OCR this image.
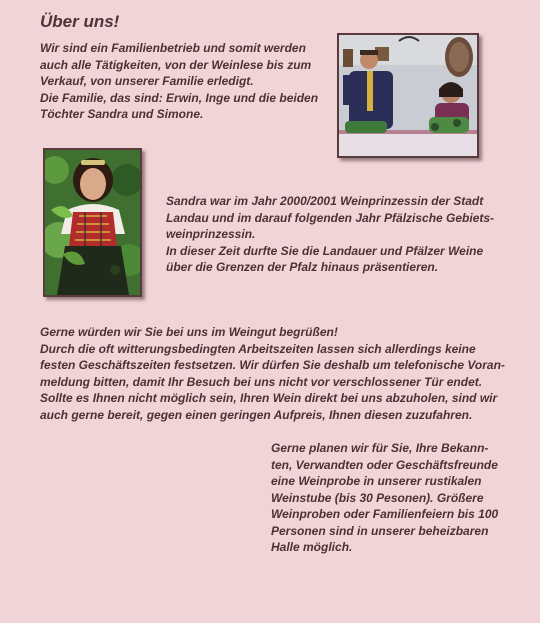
Über uns!

Wir sind ein Familienbetrieb und somit werden
auch alle Tätigkeiten, von der Weinlese bis zum
Verkauf, von unserer Familie erledigt.

Die Familie, das sind: Erwin, Inge und die beiden
Töchter Sandra und Simone.

Sandra war im Jahr 2000/2001 Weinprinzessin der Stadt
Landau und im darauf folgenden Jahr Pfälzische Gebiets-
weinprinzessin.

In dieser Zeit durfte Sie die Landauer und Pfälzer Weine
über die Grenzen der Pfalz hinaus präsentieren.

Gerne würden wir Sie bei uns im Weingut begrüßen!

Durch die oft witterungsbedingten Arbeitszeiten lassen sich allerdings keine
festen Geschäftszeiten festsetzen. Wir dürfen Sie deshalb um telefonische Voran-
meldung bitten, damit Ihr Besuch bei uns nicht vor verschlossener Tür endet.

Sollte es Ihnen nicht möglich sein, Ihren Wein direkt bei uns abzuholen, sind wir
auch gerne bereit, gegen einen geringen Aufpreis, Ihnen diesen zuzufahren.

Gerne planen wir für Sie, Ihre Bekann-
ten, Verwandten oder Geschäftsfreunde
eine Weinprobe in unserer rustikalen
Weinstube (bis 30 Pesonen). Größere
Weinproben oder Familienfeiern bis 100
Personen sind in unserer beheizbaren
Halle möglich.
